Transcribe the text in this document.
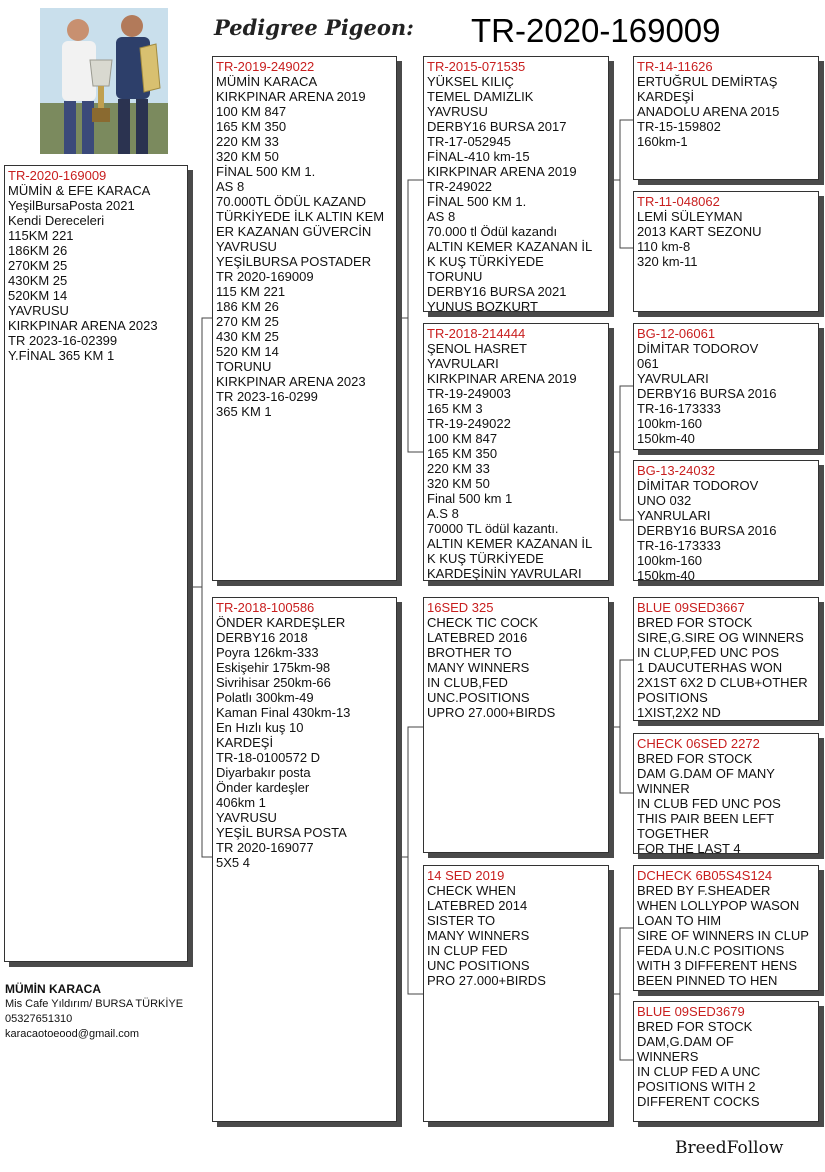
Pedigree Pigeon: TR-2020-169009
TR-2020-169009
MÜMİN & EFE KARACA
YeşilBursaPosta 2021
Kendi Dereceleri
115KM 221
186KM 26
270KM 25
430KM 25
520KM 14
YAVRUSU
KIRKPINAR ARENA 2023
TR 2023-16-02399
Y.FİNAL 365 KM 1
TR-2019-249022
MÜMİN KARACA
KIRKPINAR ARENA 2019
100 KM 847
165 KM 350
220 KM 33
320 KM 50
FİNAL 500 KM 1.
AS 8
70.000TL ÖDÜL KAZAND
TÜRKİYEDE İLK ALTIN KEM
ER KAZANAN GÜVERCİN
YAVRUSU
YEŞİLBURSA POSTADER
TR 2020-169009
115 KM 221
186 KM 26
270 KM 25
430 KM 25
520 KM 14
TORUNU
KIRKPINAR ARENA 2023
TR 2023-16-0299
365 KM 1
TR-2018-100586
ÖNDER KARDEŞLER
DERBY16 2018
Poyra 126km-333
Eskişehir 175km-98
Sivrihisar 250km-66
Polatlı 300km-49
Kaman Final 430km-13
En Hızlı kuş 10
KARDEŞİ
TR-18-0100572 D
Diyarbakır posta
Önder kardeşler
406km 1
YAVRUSU
YEŞİL BURSA POSTA
TR 2020-169077
5X5 4
TR-2015-071535
YÜKSEL KILIÇ
TEMEL DAMIZLIK
YAVRUSU
DERBY16 BURSA 2017
TR-17-052945
FİNAL-410 km-15
KIRKPINAR ARENA 2019
TR-249022
FİNAL 500 KM 1.
AS 8
70.000 tl Ödül kazandı
ALTIN KEMER KAZANAN İL
K KUŞ TÜRKİYEDE
TORUNU
DERBY16 BURSA 2021
YUNUS BOZKURT
TR-2018-214444
ŞENOL HASRET
YAVRULARI
KIRKPINAR ARENA 2019
TR-19-249003
165 KM 3
TR-19-249022
100 KM 847
165 KM 350
220 KM 33
320 KM 50
Final 500 km 1
A.S 8
70000 TL ödül kazantı.
ALTIN KEMER KAZANAN İL
K KUŞ TÜRKİYEDE
KARDEŞİNİN YAVRULARI
16SED 325
CHECK TIC COCK
LATEBRED 2016
BROTHER TO
MANY WINNERS
IN CLUB,FED
UNC.POSITIONS
UPRO 27.000+BIRDS
14 SED 2019
CHECK WHEN
LATEBRED 2014
SISTER TO
MANY WINNERS
IN CLUP FED
UNC POSITIONS
PRO 27.000+BIRDS
TR-14-11626
ERTUĞRUL DEMİRTAŞ
KARDEŞİ
ANADOLU ARENA 2015
TR-15-159802
160km-1
TR-11-048062
LEMİ SÜLEYMAN
2013 KART SEZONU
110 km-8
320 km-11
BG-12-06061
DİMİTAR TODOROV
061
YAVRULARI
DERBY16 BURSA 2016
TR-16-173333
100km-160
150km-40
BG-13-24032
DİMİTAR TODOROV
UNO 032
YANRULARI
DERBY16 BURSA 2016
TR-16-173333
100km-160
150km-40
BLUE 09SED3667
BRED FOR STOCK
SIRE,G.SIRE OG WINNERS
IN CLUP,FED UNC POS
1 DAUCUTERHAS WON
2X1ST 6X2 D CLUB+OTHER
POSITIONS
1XIST,2X2 ND
CHECK 06SED 2272
BRED FOR STOCK
DAM G.DAM OF MANY
WINNER
IN CLUB FED UNC POS
THIS PAIR BEEN LEFT
TOGETHER
FOR THE LAST 4
DCHECK 6B05S4S124
BRED BY F.SHEADER
WHEN LOLLYPOP WASON
LOAN TO HIM
SIRE OF WINNERS IN CLUP
FEDA U.N.C POSITIONS
WITH 3 DIFFERENT HENS
BEEN PINNED TO HEN
BLUE 09SED3679
BRED FOR STOCK
DAM,G.DAM OF
WINNERS
IN CLUP FED A UNC
POSITIONS WITH 2
DIFFERENT COCKS
MÜMİN KARACA
Mis Cafe Yıldırım/ BURSA TÜRKİYE
05327651310
karacaotoeood@gmail.com
BreedFollow
